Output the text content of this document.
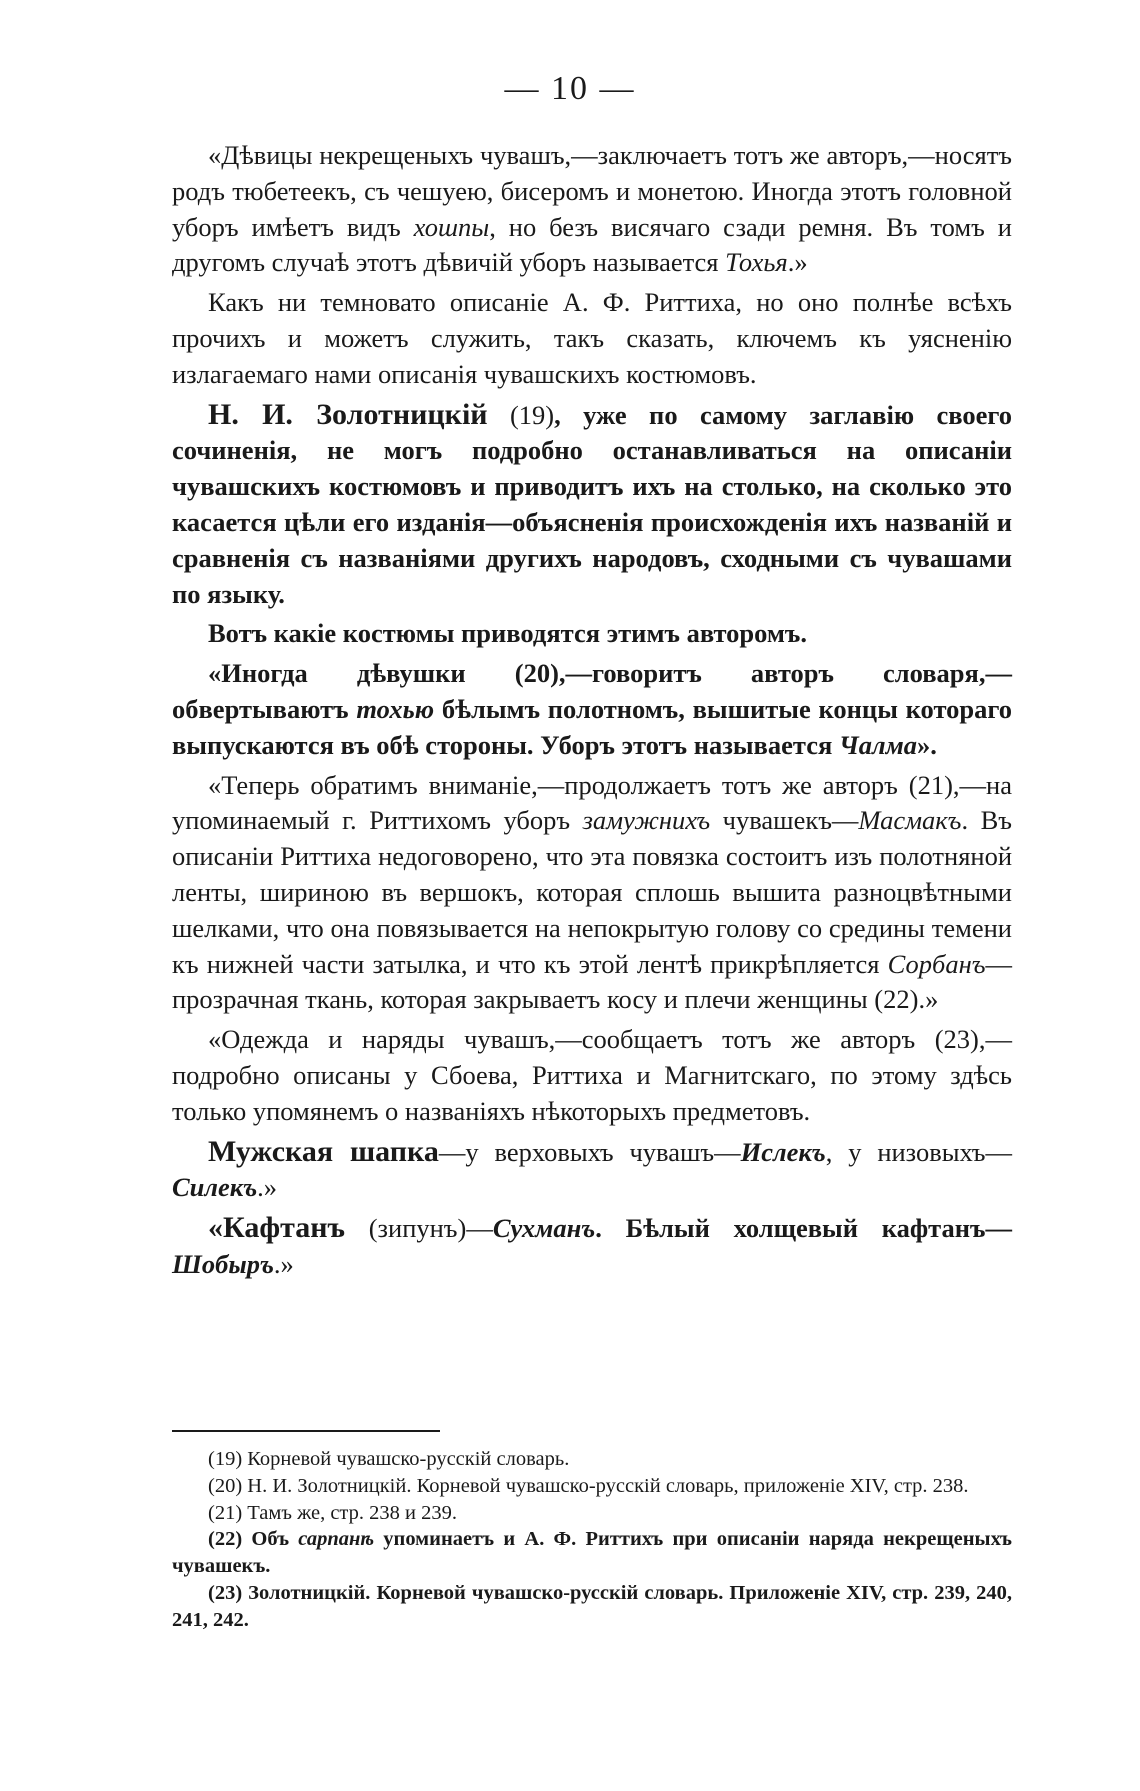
— 10 —

«Дѣвицы некрещеныхъ чувашъ,—заключаетъ тотъ же авторъ,—носятъ родъ тюбетеекъ, съ чешуею, бисеромъ и монетою. Иногда этотъ головной уборъ имѣетъ видъ хошпы, но безъ висячаго сзади ремня. Въ томъ и другомъ случаѣ этотъ дѣвичій уборъ называется Тохья.»

Какъ ни темновато описаніе А. Ф. Риттиха, но оно полнѣе всѣхъ прочихъ и можетъ служить, такъ сказать, ключемъ къ уясненію излагаемаго нами описанія чувашскихъ костюмовъ.

Н. И. Золотницкій (19), уже по самому заглавію своего сочиненія, не могъ подробно останавливаться на описаніи чувашскихъ костюмовъ и приводитъ ихъ на столько, на сколько это касается цѣли его изданія—объясненія происхожденія ихъ названій и сравненія съ названіями другихъ народовъ, сходными съ чувашами по языку.

Вотъ какіе костюмы приводятся этимъ авторомъ.

«Иногда дѣвушки (20),—говоритъ авторъ словаря,—обвертываютъ тохью бѣлымъ полотномъ, вышитые концы котораго выпускаются въ обѣ стороны. Уборъ этотъ называется Чалма».

«Теперь обратимъ вниманіе,—продолжаетъ тотъ же авторъ (21),—на упоминаемый г. Риттихомъ уборъ замужнихъ чувашекъ—Масмакъ. Въ описаніи Риттиха недоговорено, что эта повязка состоитъ изъ полотняной ленты, шириною въ вершокъ, которая сплошь вышита разноцвѣтными шелками, что она повязывается на непокрытую голову со средины темени къ нижней части затылка, и что къ этой лентѣ прикрѣпляется Сорбанъ—прозрачная ткань, которая закрываетъ косу и плечи женщины (22).»

«Одежда и наряды чувашъ,—сообщаетъ тотъ же авторъ (23),—подробно описаны у Сбоева, Риттиха и Магнитскаго, по этому здѣсь только упомянемъ о названіяхъ нѣкоторыхъ предметовъ.

Мужская шапка—у верховыхъ чувашъ—Ислекъ, у низовыхъ—Силекъ.»

«Кафтанъ (зипунъ)—Сухманъ. Бѣлый холщевый кафтанъ—Шобыръ.»

(19) Корневой чувашско-русскій словарь.

(20) Н. И. Золотницкій. Корневой чувашско-русскій словарь, приложеніе XIV, стр. 238.

(21) Тамъ же, стр. 238 и 239.

(22) Объ сарпанѣ упоминаетъ и А. Ф. Риттихъ при описаніи наряда некрещеныхъ чувашекъ.

(23) Золотницкій. Корневой чувашско-русскій словарь. Приложеніе XIV, стр. 239, 240, 241, 242.
